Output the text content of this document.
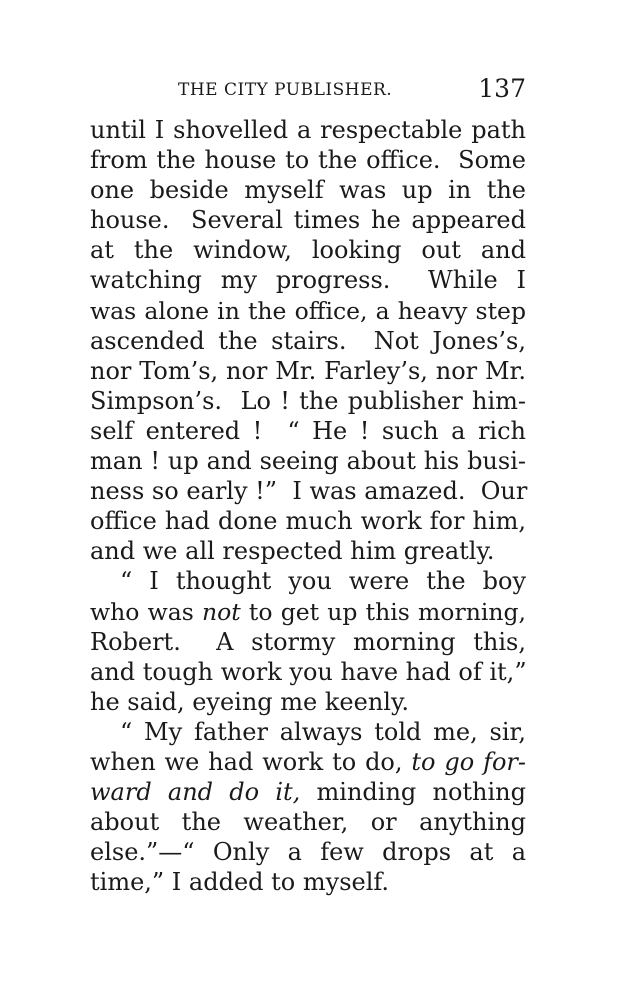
THE CITY PUBLISHER.	137
until I shovelled a respectable path
from the house to the office.  Some
one beside myself was up in the
house.  Several times he appeared
at the window, looking out and
watching my progress.  While I
was alone in the office, a heavy step
ascended the stairs.  Not Jones’s,
nor Tom’s, nor Mr. Farley’s, nor Mr.
Simpson’s.  Lo ! the publisher him-
self entered !  “ He ! such a rich
man ! up and seeing about his busi-
ness so early !”  I was amazed.  Our
office had done much work for him,
and we all respected him greatly.
“ I thought you were the boy
who was not to get up this morning,
Robert.  A stormy morning this,
and tough work you have had of it,”
he said, eyeing me keenly.
“ My father always told me, sir,
when we had work to do, to go for-
ward and do it, minding nothing
about the weather, or anything
else.”—“ Only a few drops at a
time,” I added to myself.
